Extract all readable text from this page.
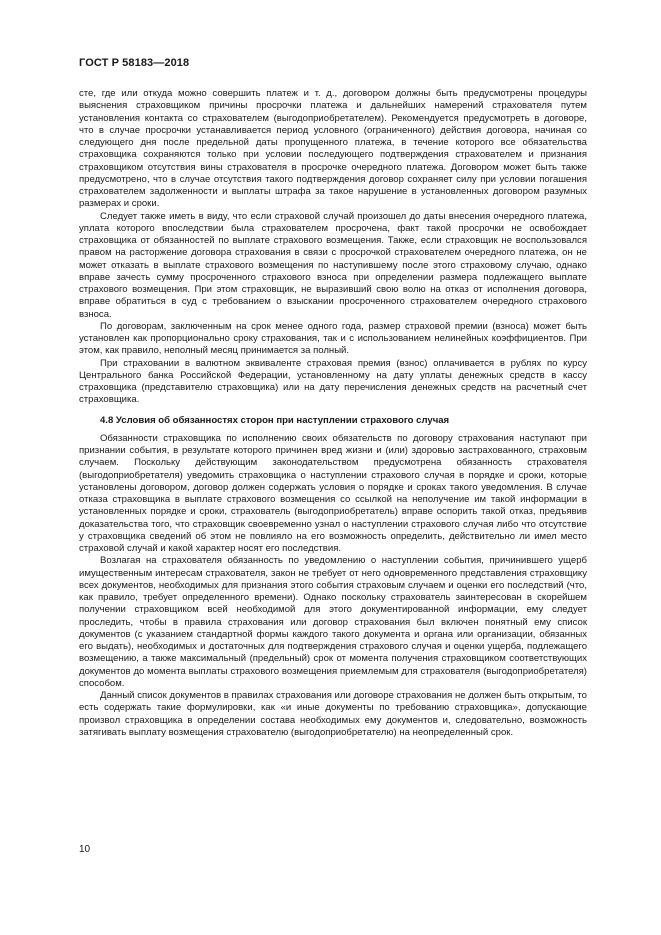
ГОСТ Р 58183—2018

сте, где или откуда можно совершить платеж и т. д., договором должны быть предусмотрены процедуры выяснения страховщиком причины просрочки платежа и дальнейших намерений страхователя путем установления контакта со страхователем (выгодоприобретателем). Рекомендуется предусмотреть в договоре, что в случае просрочки устанавливается период условного (ограниченного) действия договора, начиная со следующего дня после предельной даты пропущенного платежа, в течение которого все обязательства страховщика сохраняются только при условии последующего подтверждения страхователем и признания страховщиком отсутствия вины страхователя в просрочке очередного платежа. Договором может быть также предусмотрено, что в случае отсутствия такого подтверждения договор сохраняет силу при условии погашения страхователем задолженности и выплаты штрафа за такое нарушение в установленных договором разумных размерах и сроки.

Следует также иметь в виду, что если страховой случай произошел до даты внесения очередного платежа, уплата которого впоследствии была страхователем просрочена, факт такой просрочки не освобождает страховщика от обязанностей по выплате страхового возмещения. Также, если страховщик не воспользовался правом на расторжение договора страхования в связи с просрочкой страхователем очередного платежа, он не может отказать в выплате страхового возмещения по наступившему после этого страховому случаю, однако вправе зачесть сумму просроченного страхового взноса при определении размера подлежащего выплате страхового возмещения. При этом страховщик, не выразивший свою волю на отказ от исполнения договора, вправе обратиться в суд с требованием о взыскании просроченного страхователем очередного страхового взноса.

По договорам, заключенным на срок менее одного года, размер страховой премии (взноса) может быть установлен как пропорционально сроку страхования, так и с использованием нелинейных коэффициентов. При этом, как правило, неполный месяц принимается за полный.

При страховании в валютном эквиваленте страховая премия (взнос) оплачивается в рублях по курсу Центрального банка Российской Федерации, установленному на дату уплаты денежных средств в кассу страховщика (представителю страховщика) или на дату перечисления денежных средств на расчетный счет страховщика.

4.8 Условия об обязанностях сторон при наступлении страхового случая

Обязанности страховщика по исполнению своих обязательств по договору страхования наступают при признании события, в результате которого причинен вред жизни и (или) здоровью застрахованного, страховым случаем. Поскольку действующим законодательством предусмотрена обязанность страхователя (выгодоприобретателя) уведомить страховщика о наступлении страхового случая в порядке и сроки, которые установлены договором, договор должен содержать условия о порядке и сроках такого уведомления. В случае отказа страховщика в выплате страхового возмещения со ссылкой на неполучение им такой информации в установленных порядке и сроки, страхователь (выгодоприобретатель) вправе оспорить такой отказ, предъявив доказательства того, что страховщик своевременно узнал о наступлении страхового случая либо что отсутствие у страховщика сведений об этом не повлияло на его возможность определить, действительно ли имел место страховой случай и какой характер носят его последствия.

Возлагая на страхователя обязанность по уведомлению о наступлении события, причинившего ущерб имущественным интересам страхователя, закон не требует от него одновременного представления страховщику всех документов, необходимых для признания этого события страховым случаем и оценки его последствий (что, как правило, требует определенного времени). Однако поскольку страхователь заинтересован в скорейшем получении страховщиком всей необходимой для этого документированной информации, ему следует проследить, чтобы в правила страхования или договор страхования был включен понятный ему список документов (с указанием стандартной формы каждого такого документа и органа или организации, обязанных его выдать), необходимых и достаточных для подтверждения страхового случая и оценки ущерба, подлежащего возмещению, а также максимальный (предельный) срок от момента получения страховщиком соответствующих документов до момента выплаты страхового возмещения приемлемым для страхователя (выгодоприобретателя) способом.

Данный список документов в правилах страхования или договоре страхования не должен быть открытым, то есть содержать такие формулировки, как «и иные документы по требованию страховщика», допускающие произвол страховщика в определении состава необходимых ему документов и, следовательно, возможность затягивать выплату возмещения страхователю (выгодоприобретателю) на неопределенный срок.

10
